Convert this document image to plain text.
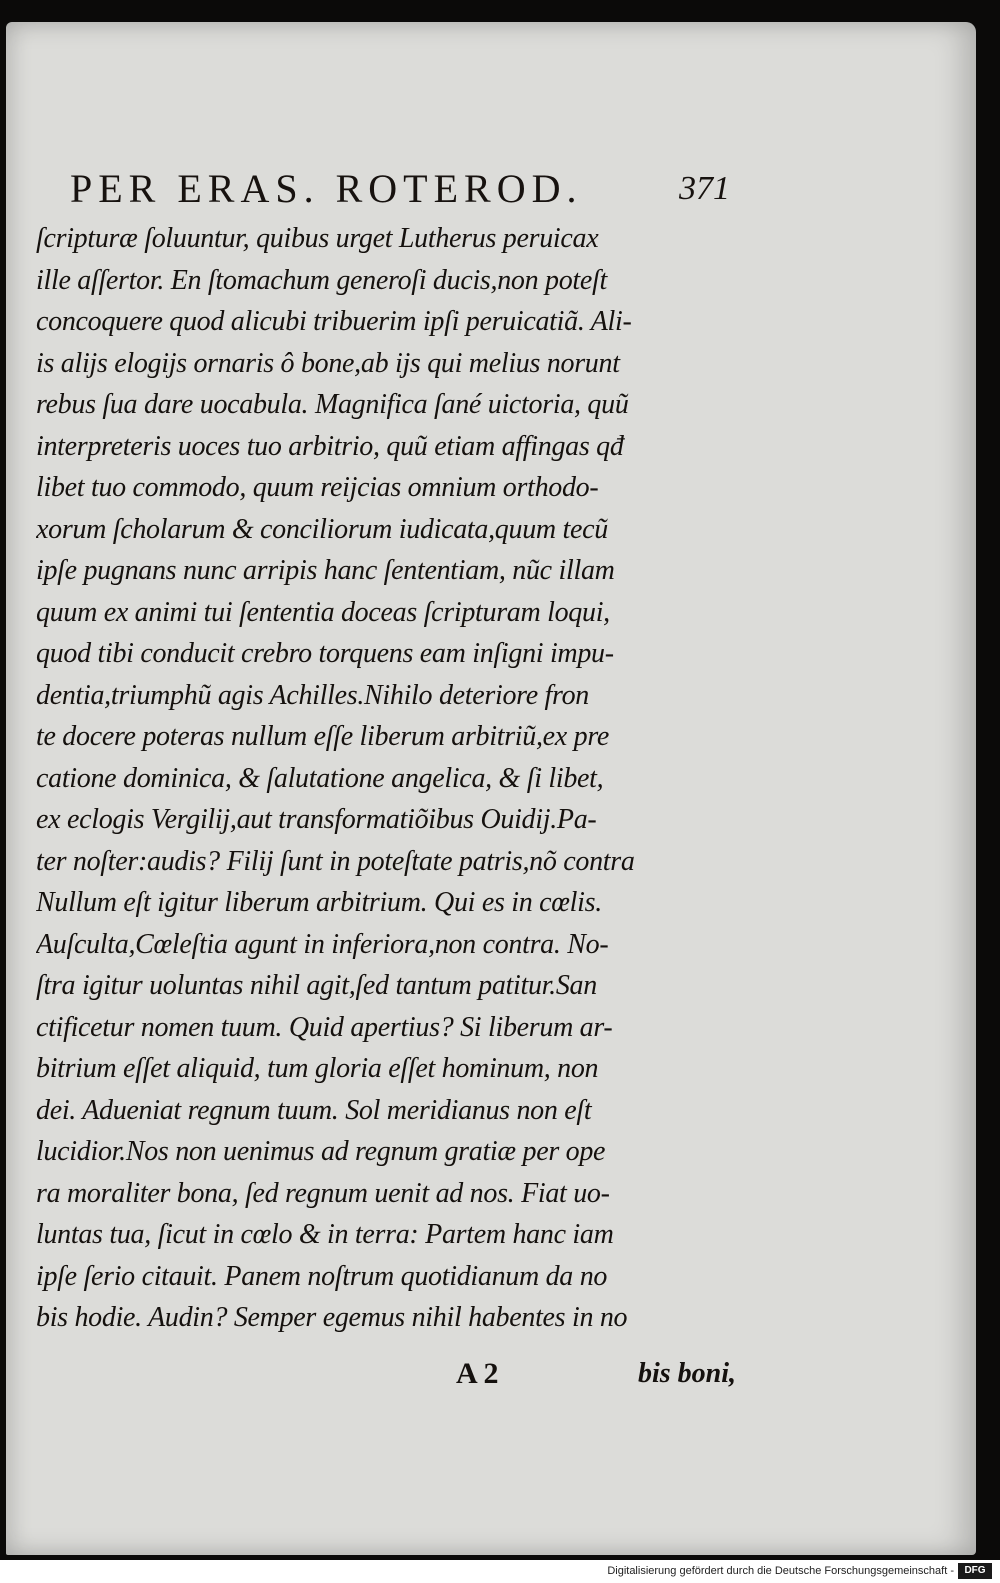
PER ERAS. ROTEROD.	371
ſcripturæ ſoluuntur, quibus urget Lutherus peruicax
ille aſſertor. En ſtomachum generoſi ducis,non poteſt
concoquere quod alicubi tribuerim ipſi peruicatiã. Ali-
is alijs elogijs ornaris ô bone,ab ijs qui melius norunt
rebus ſua dare uocabula. Magnifica ſané uictoria, quũ
interpreteris uoces tuo arbitrio, quũ etiam affingas qđ
libet tuo commodo, quum reijcias omnium orthodo-
xorum ſcholarum & conciliorum iudicata,quum tecũ
ipſe pugnans nunc arripis hanc ſententiam, nũc illam
quum ex animi tui ſententia doceas ſcripturam loqui,
quod tibi conducit crebro torquens eam inſigni impu-
dentia,triumphũ agis Achilles.Nihilo deteriore fron
te docere poteras nullum eſſe liberum arbitriũ,ex pre
catione dominica, & ſalutatione angelica, & ſi libet,
ex eclogis Vergilij,aut transformatiõibus Ouidij.Pa-
ter noſter:audis? Filij ſunt in poteſtate patris,nõ contra
Nullum eſt igitur liberum arbitrium. Qui es in cœlis.
Auſculta,Cœleſtia agunt in inferiora,non contra. No-
ſtra igitur uoluntas nihil agit,ſed tantum patitur.San
ctificetur nomen tuum. Quid apertius? Si liberum ar-
bitrium eſſet aliquid, tum gloria eſſet hominum, non
dei. Adueniat regnum tuum. Sol meridianus non eſt
lucidior.Nos non uenimus ad regnum gratiæ per ope
ra moraliter bona, ſed regnum uenit ad nos. Fiat uo-
luntas tua, ſicut in cœlo & in terra: Partem hanc iam
ipſe ſerio citauit. Panem noſtrum quotidianum da no
bis hodie. Audin? Semper egemus nihil habentes in no
A 2	bis boni,
Digitalisierung gefördert durch die Deutsche Forschungsgemeinschaft -	DFG
